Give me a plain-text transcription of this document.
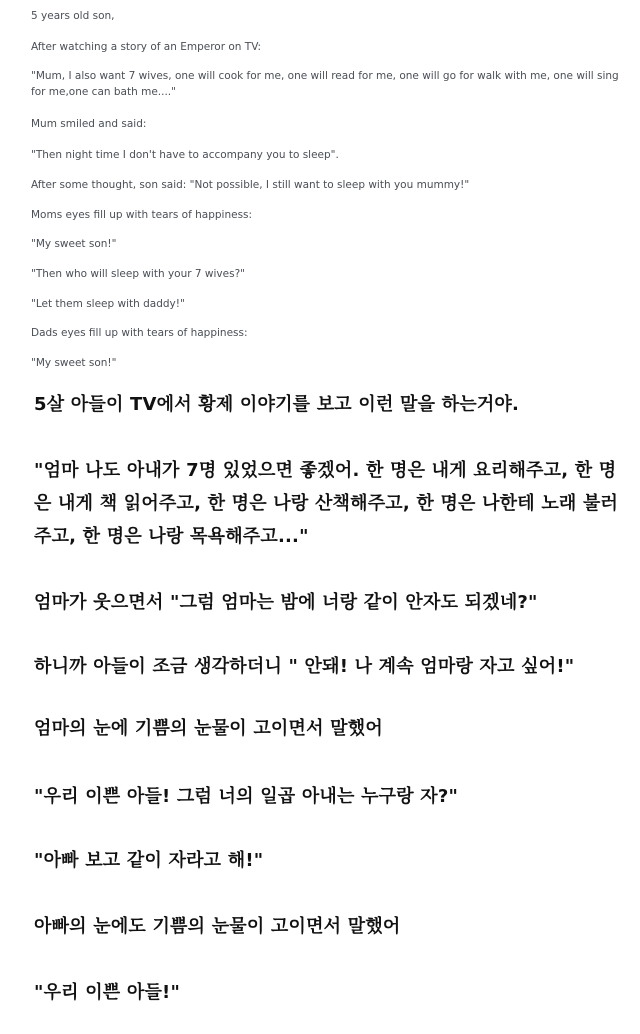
5 years old son,
After watching a story of an Emperor on TV:
"Mum, I also want 7 wives, one will cook for me, one will read for me, one will go for walk with me, one will sing for me,one can bath me...."
Mum smiled and said:
"Then night time I don't have to accompany you to sleep".
After some thought, son said: "Not possible, I still want to sleep with you mummy!"
Moms eyes fill up with tears of happiness:
"My sweet son!"
"Then who will sleep with your 7 wives?"
"Let them sleep with daddy!"
Dads eyes fill up with tears of happiness:
"My sweet son!"
5살 아들이 TV에서 황제 이야기를 보고 이런 말을 하는거야.
"엄마 나도 아내가 7명 있었으면 좋겠어. 한 명은 내게 요리해주고, 한 명은 내게 책 읽어주고, 한 명은 나랑 산책해주고, 한 명은 나한테 노래 불러주고, 한 명은 나랑 목욕해주고..."
엄마가 웃으면서 "그럼 엄마는 밤에 너랑 같이 안자도 되겠네?"
하니까 아들이 조금 생각하더니 " 안돼! 나 계속 엄마랑 자고 싶어!"
엄마의 눈에 기쁨의 눈물이 고이면서 말했어
"우리 이쁜 아들! 그럼 너의 일곱 아내는 누구랑 자?"
"아빠 보고 같이 자라고 해!"
아빠의 눈에도 기쁨의 눈물이 고이면서 말했어
"우리 이쁜 아들!"
